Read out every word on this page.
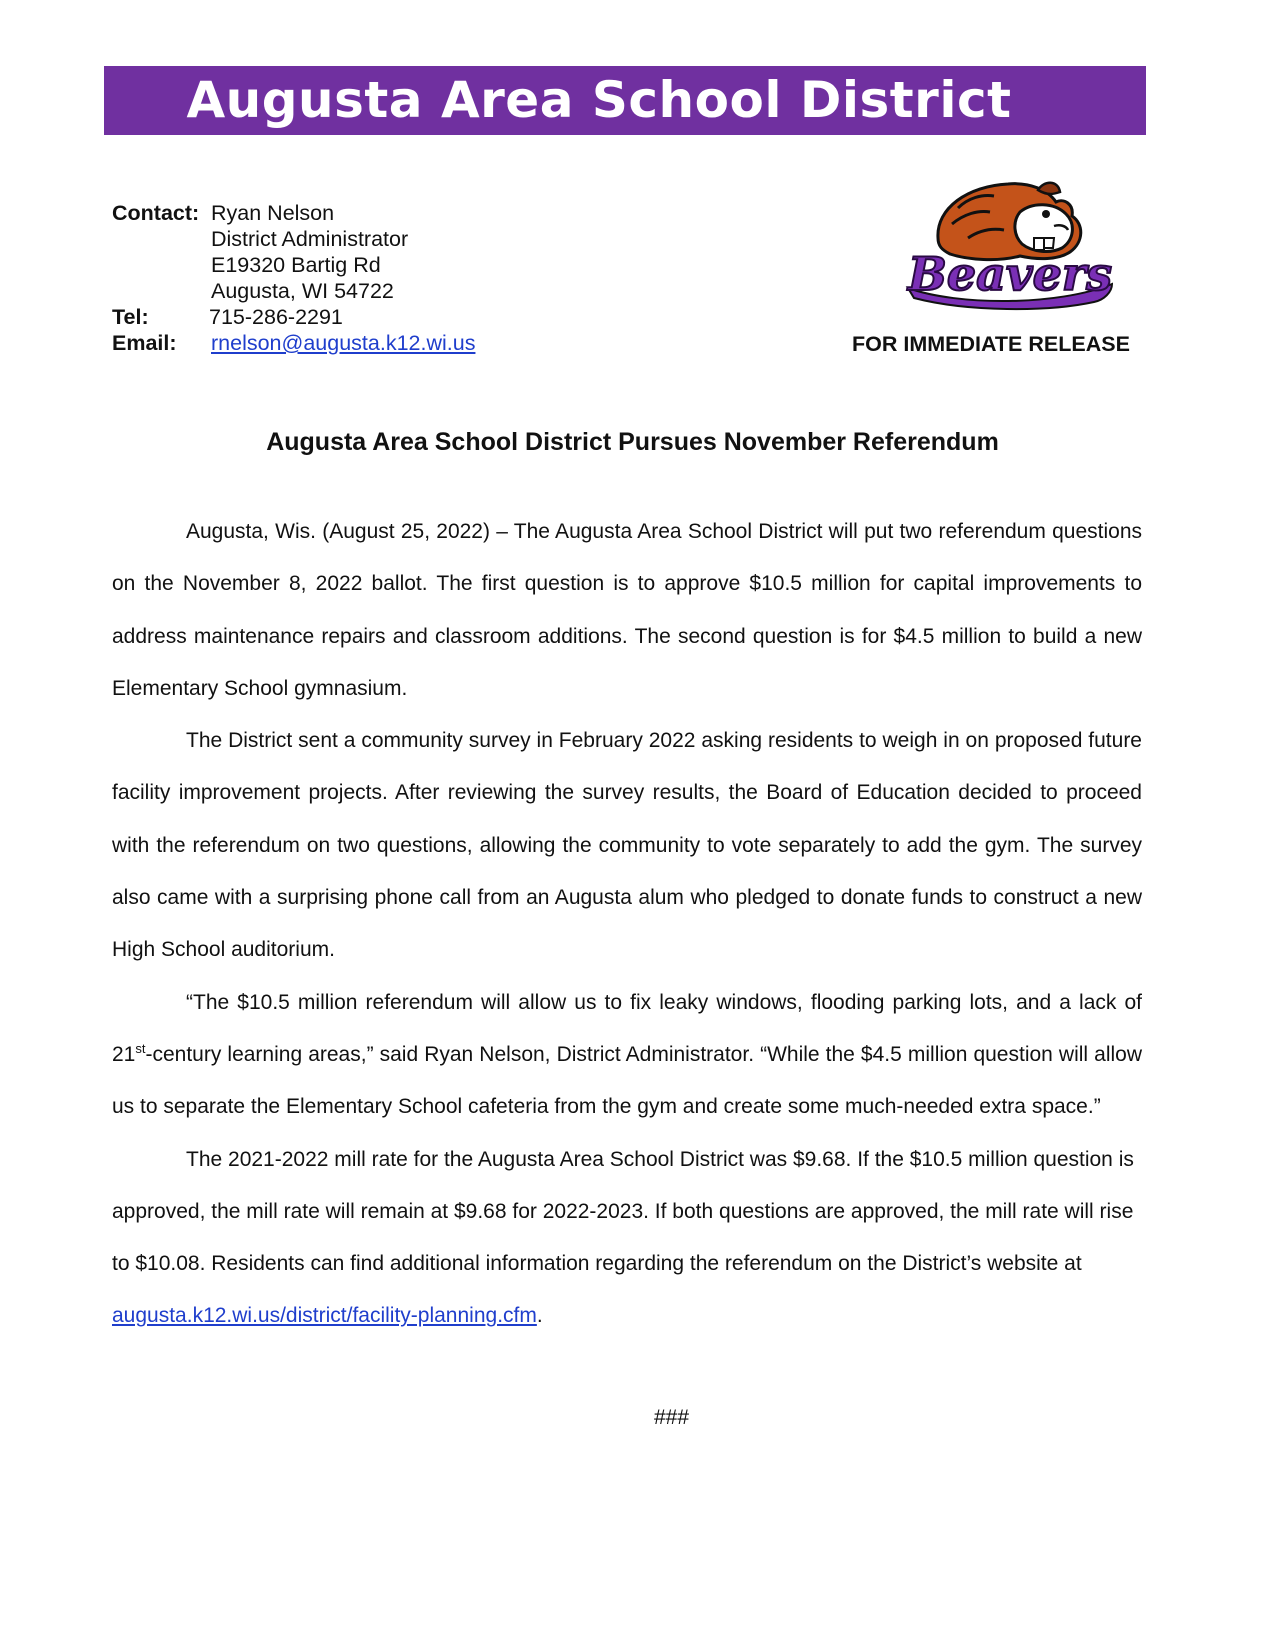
Augusta Area School District
Contact: Ryan Nelson
District Administrator
E19320 Bartig Rd
Augusta, WI 54722
Tel:	715-286-2291
Email: rnelson@augusta.k12.wi.us
Beavers
FOR IMMEDIATE RELEASE
Augusta Area School District Pursues November Referendum

Augusta, Wis. (August 25, 2022) – The Augusta Area School District will put two referendum questions on the November 8, 2022 ballot. The first question is to approve $10.5 million for capital improvements to address maintenance repairs and classroom additions. The second question is for $4.5 million to build a new Elementary School gymnasium.

The District sent a community survey in February 2022 asking residents to weigh in on proposed future facility improvement projects. After reviewing the survey results, the Board of Education decided to proceed with the referendum on two questions, allowing the community to vote separately to add the gym. The survey also came with a surprising phone call from an Augusta alum who pledged to donate funds to construct a new High School auditorium.

“The $10.5 million referendum will allow us to fix leaky windows, flooding parking lots, and a lack of 21st-century learning areas,” said Ryan Nelson, District Administrator. “While the $4.5 million question will allow us to separate the Elementary School cafeteria from the gym and create some much-needed extra space.”

The 2021-2022 mill rate for the Augusta Area School District was $9.68. If the $10.5 million question is approved, the mill rate will remain at $9.68 for 2022-2023. If both questions are approved, the mill rate will rise to $10.08. Residents can find additional information regarding the referendum on the District’s website at augusta.k12.wi.us/district/facility-planning.cfm.

###
